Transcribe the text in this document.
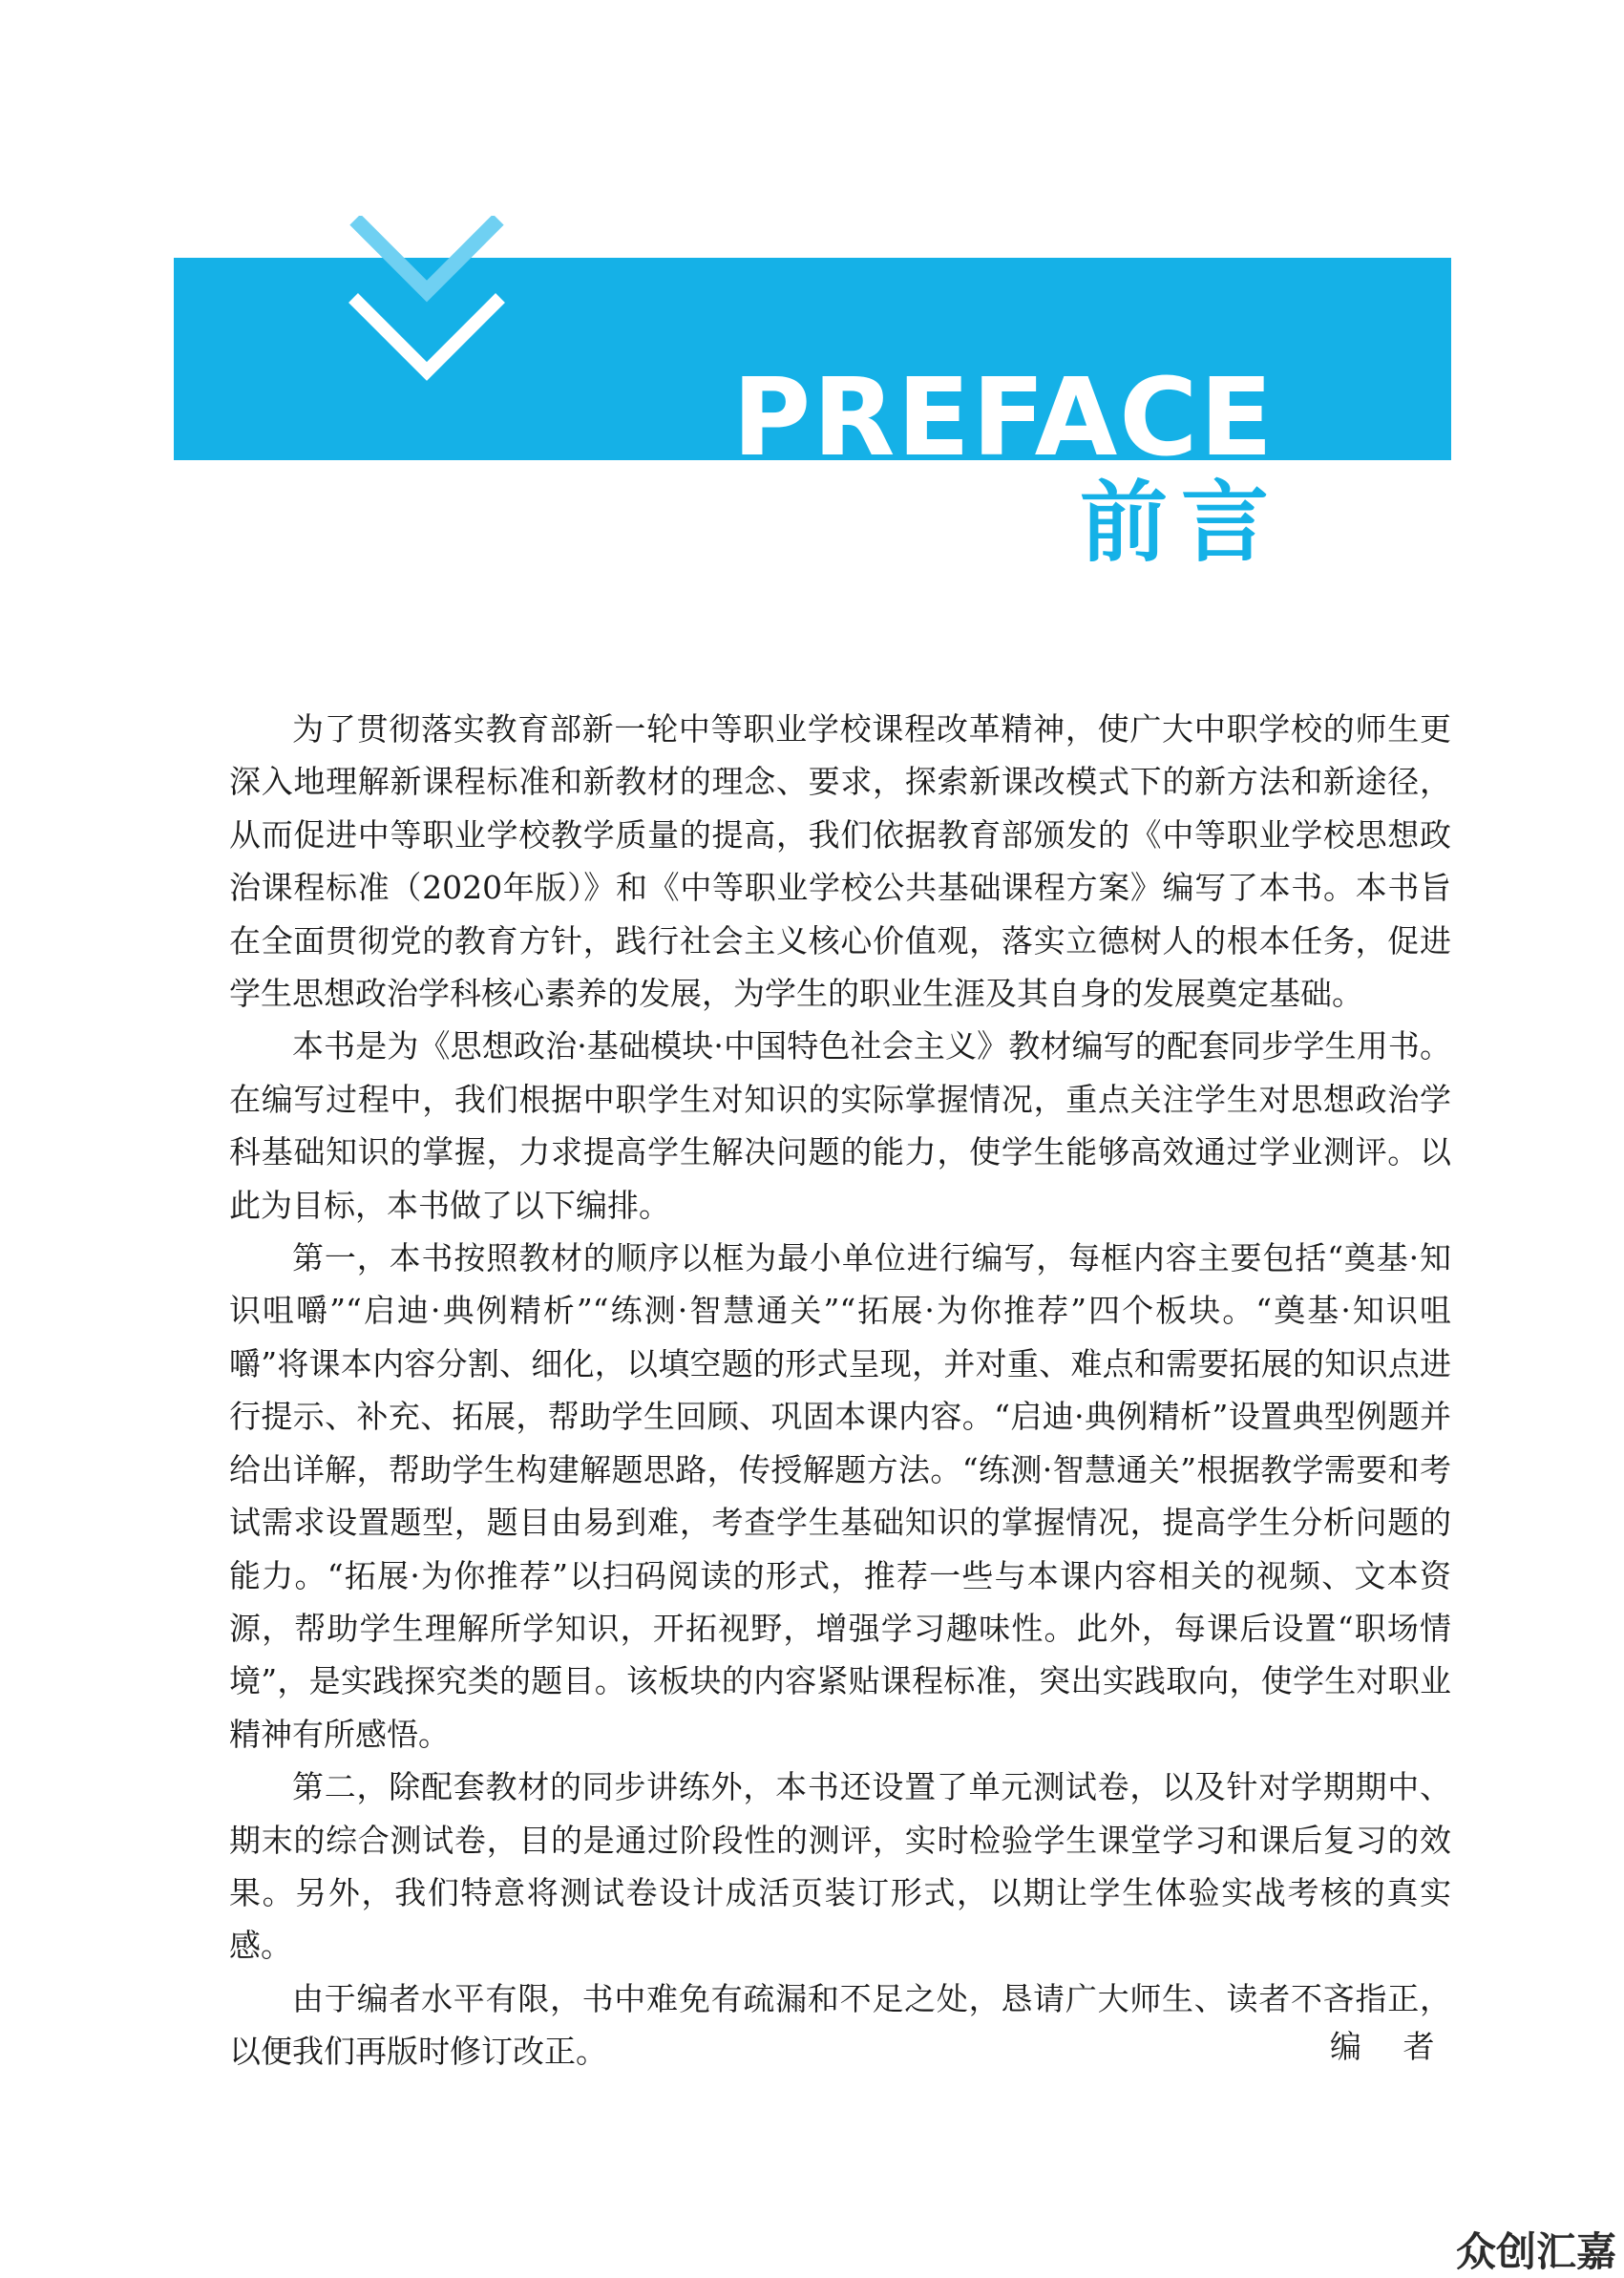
PREFACE
前言

为了贯彻落实教育部新一轮中等职业学校课程改革精神，使广大中职学校的师生更深入地理解新课程标准和新教材的理念、要求，探索新课改模式下的新方法和新途径，从而促进中等职业学校教学质量的提高，我们依据教育部颁发的《中等职业学校思想政治课程标准（2020年版）》和《中等职业学校公共基础课程方案》编写了本书。本书旨在全面贯彻党的教育方针，践行社会主义核心价值观，落实立德树人的根本任务，促进学生思想政治学科核心素养的发展，为学生的职业生涯及其自身的发展奠定基础。

本书是为《思想政治·基础模块·中国特色社会主义》教材编写的配套同步学生用书。在编写过程中，我们根据中职学生对知识的实际掌握情况，重点关注学生对思想政治学科基础知识的掌握，力求提高学生解决问题的能力，使学生能够高效通过学业测评。以此为目标，本书做了以下编排。

第一，本书按照教材的顺序以框为最小单位进行编写，每框内容主要包括“奠基·知识咀嚼”“启迪·典例精析”“练测·智慧通关”“拓展·为你推荐”四个板块。“奠基·知识咀嚼”将课本内容分割、细化，以填空题的形式呈现，并对重、难点和需要拓展的知识点进行提示、补充、拓展，帮助学生回顾、巩固本课内容。“启迪·典例精析”设置典型例题并给出详解，帮助学生构建解题思路，传授解题方法。“练测·智慧通关”根据教学需要和考试需求设置题型，题目由易到难，考查学生基础知识的掌握情况，提高学生分析问题的能力。“拓展·为你推荐”以扫码阅读的形式，推荐一些与本课内容相关的视频、文本资源，帮助学生理解所学知识，开拓视野，增强学习趣味性。此外，每课后设置“职场情境”，是实践探究类的题目。该板块的内容紧贴课程标准，突出实践取向，使学生对职业精神有所感悟。

第二，除配套教材的同步讲练外，本书还设置了单元测试卷，以及针对学期期中、期末的综合测试卷，目的是通过阶段性的测评，实时检验学生课堂学习和课后复习的效果。另外，我们特意将测试卷设计成活页装订形式，以期让学生体验实战考核的真实感。

由于编者水平有限，书中难免有疏漏和不足之处，恳请广大师生、读者不吝指正，以便我们再版时修订改正。	编 者

众创汇嘉
